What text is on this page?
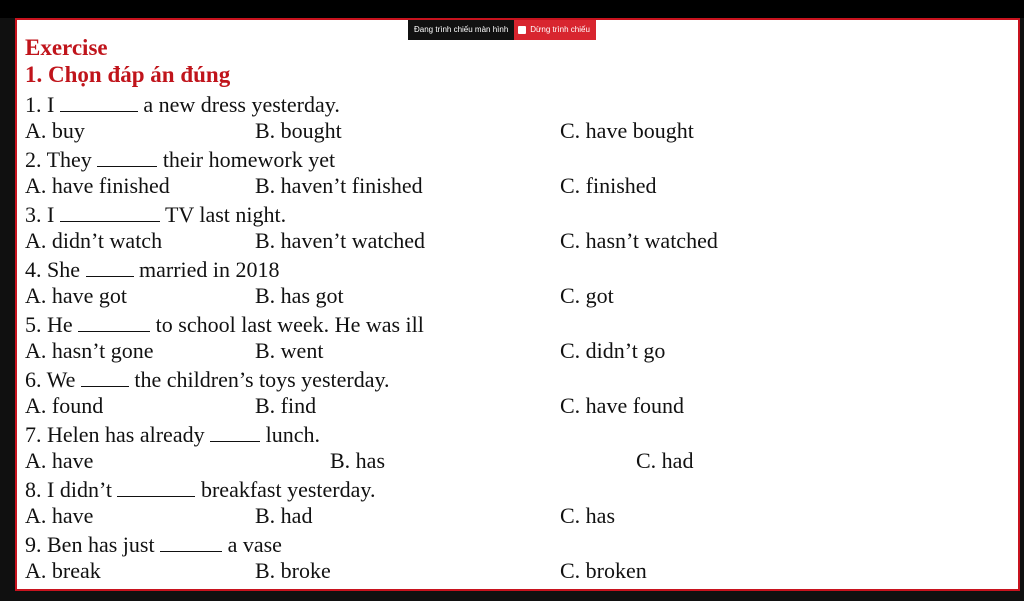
Đang trình chiếu màn hình	Dừng trình chiếu
Exercise
1. Chọn đáp án đúng
1. I	a new dress yesterday.
A. buy	B. bought	C. have bought
2. They	their homework yet
A. have finished	B. haven’t finished	C. finished
3. I	TV last night.
A. didn’t watch	B. haven’t watched	C. hasn’t watched
4. She	married in 2018
A. have got	B. has got	C. got
5. He	to school last week. He was ill
A. hasn’t gone	B. went	C. didn’t go
6. We	the children’s toys yesterday.
A. found	B. find	C. have found
7. Helen has already	lunch.
A. have	B. has	C. had
8. I didn’t	breakfast yesterday.
A. have	B. had	C. has
9. Ben has just	a vase
A. break	B. broke	C. broken
